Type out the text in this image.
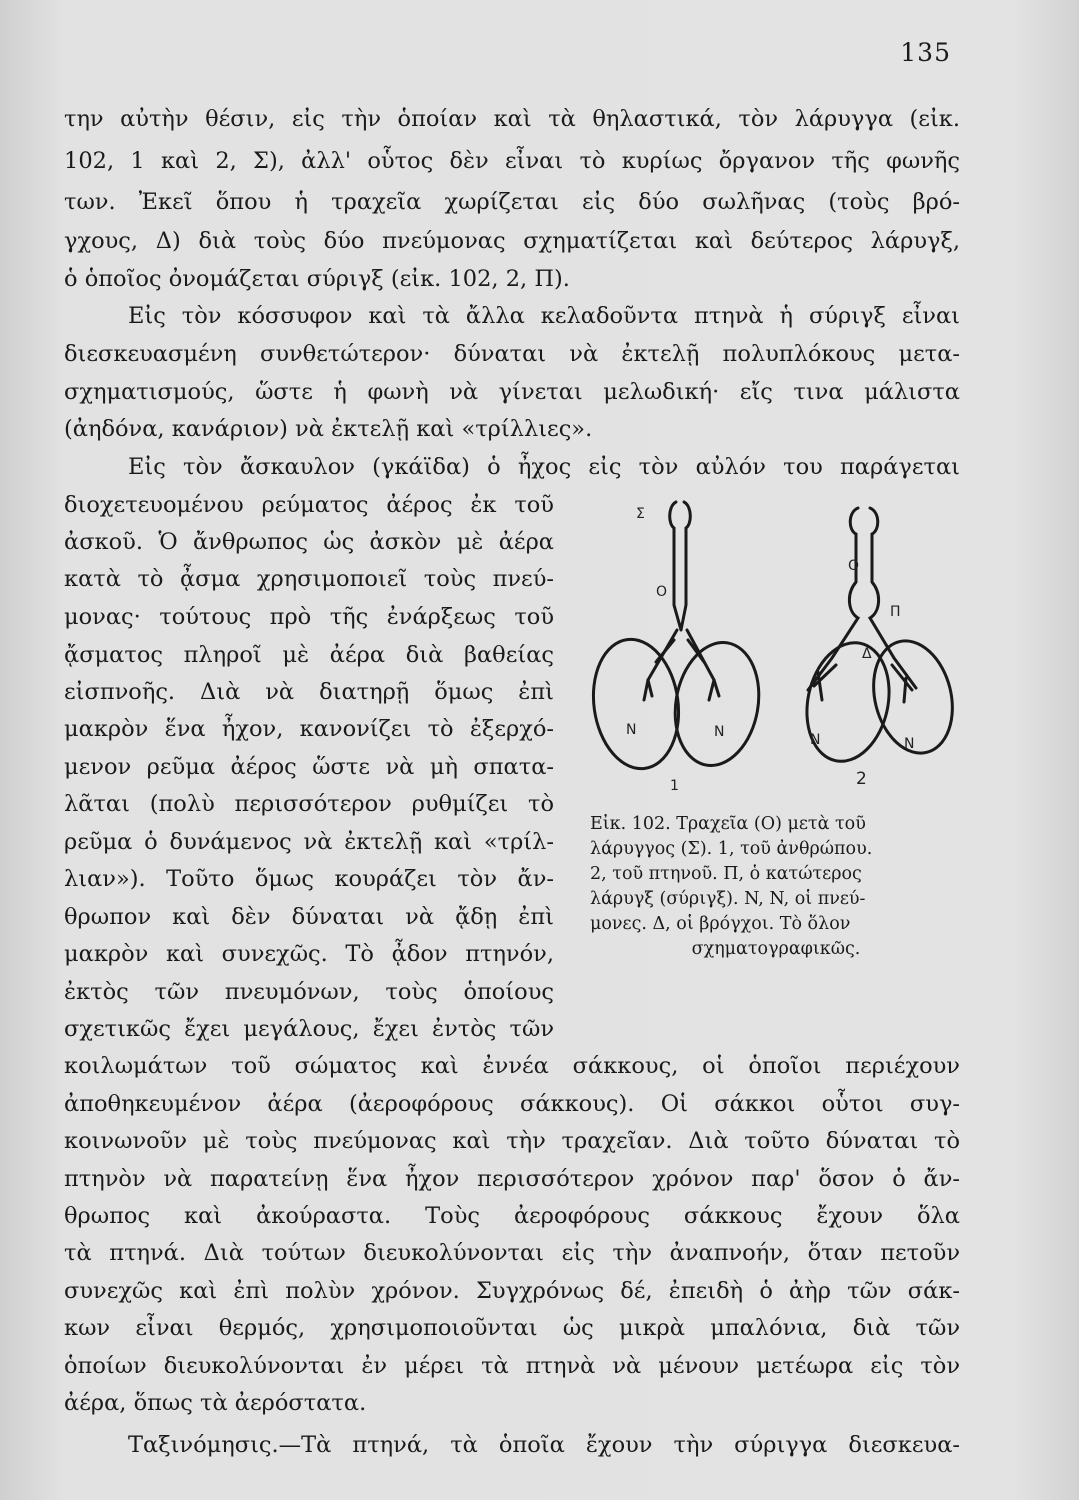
135
την αὐτὴν θέσιν, εἰς τὴν ὁποίαν καὶ τὰ θηλαστικά, τὸν λάρυγγα (εἰκ.
102, 1 καὶ 2, Σ), ἀλλ' οὗτος δὲν εἶναι τὸ κυρίως ὄργανον τῆς φωνῆς
των. Ἐκεῖ ὅπου ἡ τραχεῖα χωρίζεται εἰς δύο σωλῆνας (τοὺς βρό-
γχους, Δ) διὰ τοὺς δύο πνεύμονας σχηματίζεται καὶ δεύτερος λάρυγξ,
ὁ ὁποῖος ὀνομάζεται σύριγξ (εἰκ. 102, 2, Π).
Εἰς τὸν κόσσυφον καὶ τὰ ἄλλα κελαδοῦντα πτηνὰ ἡ σύριγξ εἶναι
διεσκευασμένη συνθετώτερον· δύναται νὰ ἐκτελῇ πολυπλόκους μετα-
σχηματισμούς, ὥστε ἡ φωνὴ νὰ γίνεται μελωδική· εἴς τινα μάλιστα
(ἀηδόνα, κανάριον) νὰ ἐκτελῇ καὶ «τρίλλιες».
Εἰς τὸν ἄσκαυλον (γκάϊδα) ὁ ἦχος εἰς τὸν αὐλόν του παράγεται
διοχετευομένου ρεύματος ἀέρος ἐκ τοῦ
ἀσκοῦ. Ὁ ἄνθρωπος ὡς ἀσκὸν μὲ ἀέρα
κατὰ τὸ ᾆσμα χρησιμοποιεῖ τοὺς πνεύ-
μονας· τούτους πρὸ τῆς ἐνάρξεως τοῦ
ᾄσματος πληροῖ μὲ ἀέρα διὰ βαθείας
εἰσπνοῆς. Διὰ νὰ διατηρῇ ὅμως ἐπὶ
μακρὸν ἕνα ἦχον, κανονίζει τὸ ἐξερχό-
μενον ρεῦμα ἀέρος ὥστε νὰ μὴ σπατα-
λᾶται (πολὺ περισσότερον ρυθμίζει τὸ
ρεῦμα ὁ δυνάμενος νὰ ἐκτελῇ καὶ «τρίλ-
λιαν»). Τοῦτο ὅμως κουράζει τὸν ἄν-
θρωπον καὶ δὲν δύναται νὰ ᾄδῃ ἐπὶ
μακρὸν καὶ συνεχῶς. Τὸ ᾆδον πτηνόν,
ἐκτὸς τῶν πνευμόνων, τοὺς ὁποίους
σχετικῶς ἔχει μεγάλους, ἔχει ἐντὸς τῶν
κοιλωμάτων τοῦ σώματος καὶ ἐννέα σάκκους, οἱ ὁποῖοι περιέχουν
ἀποθηκευμένον ἀέρα (ἀεροφόρους σάκκους). Οἱ σάκκοι οὗτοι συγ-
κοινωνοῦν μὲ τοὺς πνεύμονας καὶ τὴν τραχεῖαν. Διὰ τοῦτο δύναται τὸ
πτηνὸν νὰ παρατείνῃ ἕνα ἦχον περισσότερον χρόνον παρ' ὅσον ὁ ἄν-
θρωπος καὶ ἀκούραστα. Τοὺς ἀεροφόρους σάκκους ἔχουν ὅλα
τὰ πτηνά. Διὰ τούτων διευκολύνονται εἰς τὴν ἀναπνοήν, ὅταν πετοῦν
συνεχῶς καὶ ἐπὶ πολὺν χρόνον. Συγχρόνως δέ, ἐπειδὴ ὁ ἀὴρ τῶν σάκ-
κων εἶναι θερμός, χρησιμοποιοῦνται ὡς μικρὰ μπαλόνια, διὰ τῶν
ὁποίων διευκολύνονται ἐν μέρει τὰ πτηνὰ νὰ μένουν μετέωρα εἰς τὸν
ἀέρα, ὅπως τὰ ἀερόστατα.
Ταξινόμησις.—Τὰ πτηνά, τὰ ὁποῖα ἔχουν τὴν σύριγγα διεσκευα-
Σ
Ο
Ο
Π
Δ
N	N	N	N
1	2
Εἰκ. 102. Τραχεῖα (Ο) μετὰ τοῦ
λάρυγγος (Σ). 1, τοῦ ἀνθρώπου.
2, τοῦ πτηνοῦ. Π, ὁ κατώτερος
λάρυγξ (σύριγξ). N, N, οἱ πνεύ-
μονες. Δ, οἱ βρόγχοι. Τὸ ὅλον
σχηματογραφικῶς.
